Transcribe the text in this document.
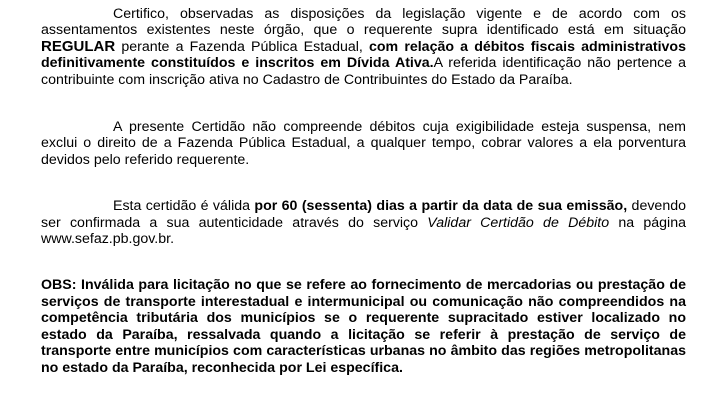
Certifico, observadas as disposições da legislação vigente e de acordo com os assentamentos existentes neste órgão, que o requerente supra identificado está em situação REGULAR perante a Fazenda Pública Estadual, com relação a débitos fiscais administrativos definitivamente constituídos e inscritos em Dívida Ativa.A referida identificação não pertence a contribuinte com inscrição ativa no Cadastro de Contribuintes do Estado da Paraíba.

A presente Certidão não compreende débitos cuja exigibilidade esteja suspensa, nem exclui o direito de a Fazenda Pública Estadual, a qualquer tempo, cobrar valores a ela porventura devidos pelo referido requerente.

Esta certidão é válida por 60 (sessenta) dias a partir da data de sua emissão, devendo ser confirmada a sua autenticidade através do serviço Validar Certidão de Débito na página www.sefaz.pb.gov.br.

OBS: Inválida para licitação no que se refere ao fornecimento de mercadorias ou prestação de serviços de transporte interestadual e intermunicipal ou comunicação não compreendidos na competência tributária dos municípios se o requerente supracitado estiver localizado no estado da Paraíba, ressalvada quando a licitação se referir à prestação de serviço de transporte entre municípios com características urbanas no âmbito das regiões metropolitanas no estado da Paraíba, reconhecida por Lei específica.
